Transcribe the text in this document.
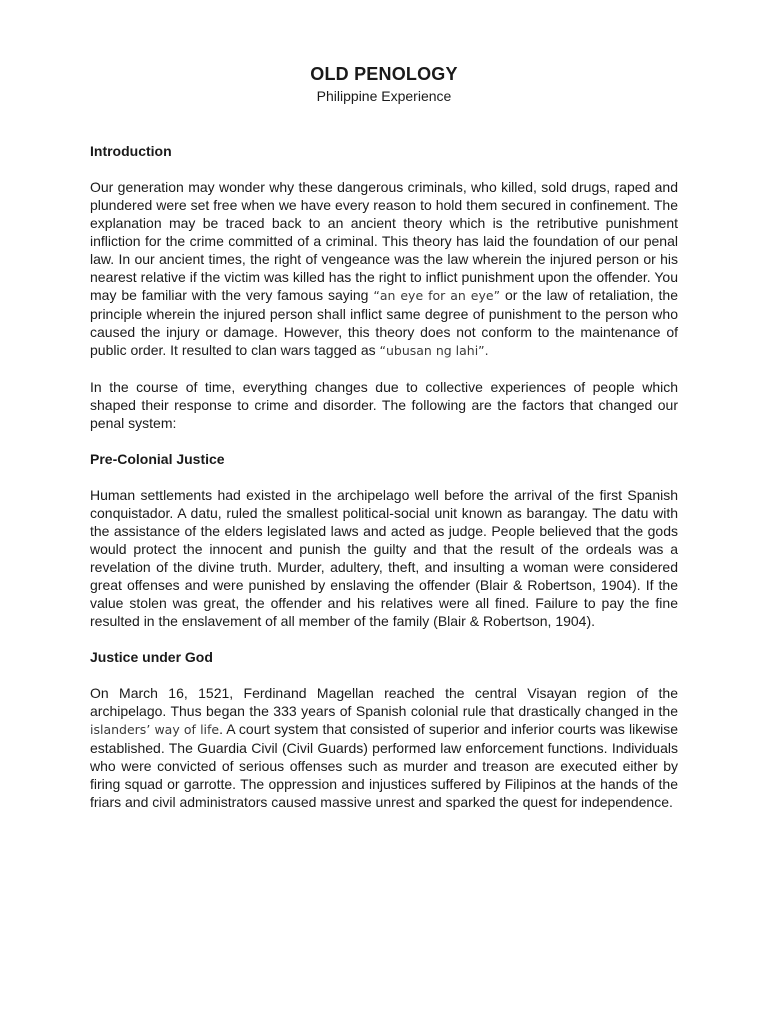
OLD PENOLOGY

Philippine Experience

Introduction

Our generation may wonder why these dangerous criminals, who killed, sold drugs, raped and plundered were set free when we have every reason to hold them secured in confinement. The explanation may be traced back to an ancient theory which is the retributive punishment infliction for the crime committed of a criminal. This theory has laid the foundation of our penal law. In our ancient times, the right of vengeance was the law wherein the injured person or his nearest relative if the victim was killed has the right to inflict punishment upon the offender. You may be familiar with the very famous saying “an eye for an eye” or the law of retaliation, the principle wherein the injured person shall inflict same degree of punishment to the person who caused the injury or damage. However, this theory does not conform to the maintenance of public order. It resulted to clan wars tagged as “ubusan ng lahi”.

In the course of time, everything changes due to collective experiences of people which shaped their response to crime and disorder. The following are the factors that changed our penal system:

Pre-Colonial Justice

Human settlements had existed in the archipelago well before the arrival of the first Spanish conquistador. A datu, ruled the smallest political-social unit known as barangay. The datu with the assistance of the elders legislated laws and acted as judge. People believed that the gods would protect the innocent and punish the guilty and that the result of the ordeals was a revelation of the divine truth. Murder, adultery, theft, and insulting a woman were considered great offenses and were punished by enslaving the offender (Blair & Robertson, 1904). If the value stolen was great, the offender and his relatives were all fined. Failure to pay the fine resulted in the enslavement of all member of the family (Blair & Robertson, 1904).

Justice under God

On March 16, 1521, Ferdinand Magellan reached the central Visayan region of the archipelago. Thus began the 333 years of Spanish colonial rule that drastically changed in the islanders’ way of life. A court system that consisted of superior and inferior courts was likewise established. The Guardia Civil (Civil Guards) performed law enforcement functions. Individuals who were convicted of serious offenses such as murder and treason are executed either by firing squad or garrotte. The oppression and injustices suffered by Filipinos at the hands of the friars and civil administrators caused massive unrest and sparked the quest for independence.
